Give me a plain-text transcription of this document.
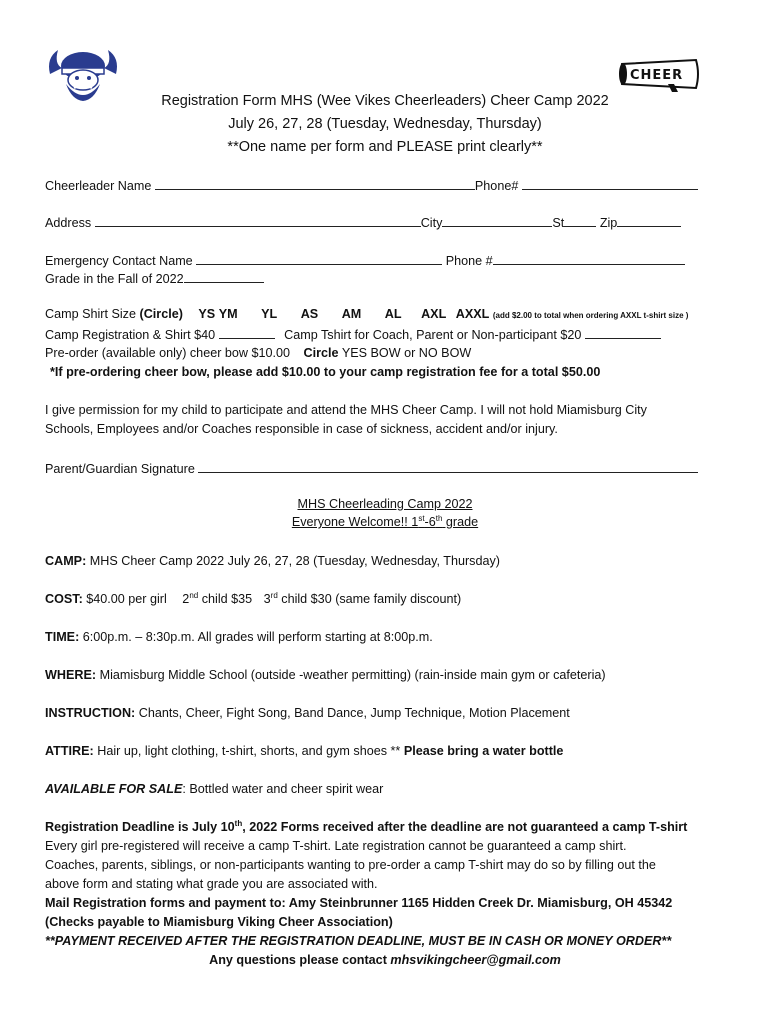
CHEER
Registration Form MHS (Wee Vikes Cheerleaders) Cheer Camp 2022
July 26, 27, 28 (Tuesday, Wednesday, Thursday)
**One name per form and PLEASE print clearly**
Cheerleader Name	Phone#
Address	City	St	Zip
Emergency Contact Name	Phone #
Grade in the Fall of 2022
Camp Shirt Size (Circle) YS YM YL AS AM AL AXL AXXL (add $2.00 to total when ordering AXXL t-shirt size )
Camp Registration & Shirt $40	Camp Tshirt for Coach, Parent or Non-participant $20
Pre-order (available only) cheer bow $10.00 Circle YES BOW or NO BOW
*If pre-ordering cheer bow, please add $10.00 to your camp registration fee for a total $50.00
I give permission for my child to participate and attend the MHS Cheer Camp. I will not hold Miamisburg City
Schools, Employees and/or Coaches responsible in case of sickness, accident and/or injury.
Parent/Guardian Signature
MHS Cheerleading Camp 2022
Everyone Welcome!! 1st-6th grade
CAMP: MHS Cheer Camp 2022 July 26, 27, 28 (Tuesday, Wednesday, Thursday)
COST: $40.00 per girl 2nd child $35 3rd child $30 (same family discount)
TIME: 6:00p.m. – 8:30p.m. All grades will perform starting at 8:00p.m.
WHERE: Miamisburg Middle School (outside -weather permitting) (rain-inside main gym or cafeteria)
INSTRUCTION: Chants, Cheer, Fight Song, Band Dance, Jump Technique, Motion Placement
ATTIRE: Hair up, light clothing, t-shirt, shorts, and gym shoes ** Please bring a water bottle
AVAILABLE FOR SALE: Bottled water and cheer spirit wear
Registration Deadline is July 10th, 2022 Forms received after the deadline are not guaranteed a camp T-shirt
Every girl pre-registered will receive a camp T-shirt. Late registration cannot be guaranteed a camp shirt.
Coaches, parents, siblings, or non-participants wanting to pre-order a camp T-shirt may do so by filling out the
above form and stating what grade you are associated with.
Mail Registration forms and payment to: Amy Steinbrunner 1165 Hidden Creek Dr. Miamisburg, OH 45342
(Checks payable to Miamisburg Viking Cheer Association)
**PAYMENT RECEIVED AFTER THE REGISTRATION DEADLINE, MUST BE IN CASH OR MONEY ORDER**
Any questions please contact mhsvikingcheer@gmail.com
